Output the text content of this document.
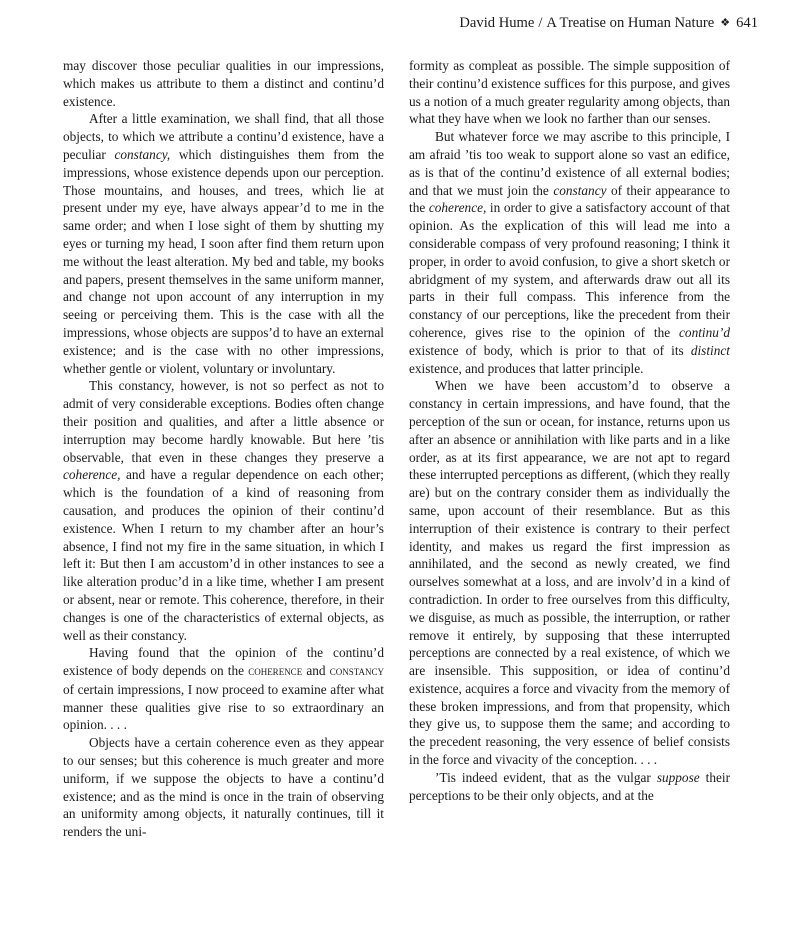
David Hume / A Treatise on Human Nature ❖ 641

may discover those peculiar qualities in our impressions, which makes us attribute to them a distinct and continu’d existence.

After a little examination, we shall find, that all those objects, to which we attribute a continu’d existence, have a peculiar constancy, which distinguishes them from the impressions, whose existence depends upon our perception. Those mountains, and houses, and trees, which lie at present under my eye, have always appear’d to me in the same order; and when I lose sight of them by shutting my eyes or turning my head, I soon after find them return upon me without the least alteration. My bed and table, my books and papers, present themselves in the same uniform manner, and change not upon account of any interruption in my seeing or perceiving them. This is the case with all the impressions, whose objects are suppos’d to have an external existence; and is the case with no other impressions, whether gentle or violent, voluntary or involuntary.

This constancy, however, is not so perfect as not to admit of very considerable exceptions. Bodies often change their position and qualities, and after a little absence or interruption may become hardly knowable. But here ’tis observable, that even in these changes they preserve a coherence, and have a regular dependence on each other; which is the foundation of a kind of reasoning from causation, and produces the opinion of their continu’d existence. When I return to my chamber after an hour’s absence, I find not my fire in the same situation, in which I left it: But then I am accustom’d in other instances to see a like alteration produc’d in a like time, whether I am present or absent, near or remote. This coherence, therefore, in their changes is one of the characteristics of external objects, as well as their constancy.

Having found that the opinion of the continu’d existence of body depends on the coherence and constancy of certain impressions, I now proceed to examine after what manner these qualities give rise to so extraordinary an opinion. . . .

Objects have a certain coherence even as they appear to our senses; but this coherence is much greater and more uniform, if we suppose the objects to have a continu’d existence; and as the mind is once in the train of observing an uniformity among objects, it naturally continues, till it renders the uni-

formity as compleat as possible. The simple supposition of their continu’d existence suffices for this purpose, and gives us a notion of a much greater regularity among objects, than what they have when we look no farther than our senses.

But whatever force we may ascribe to this principle, I am afraid ’tis too weak to support alone so vast an edifice, as is that of the continu’d existence of all external bodies; and that we must join the constancy of their appearance to the coherence, in order to give a satisfactory account of that opinion. As the explication of this will lead me into a considerable compass of very profound reasoning; I think it proper, in order to avoid confusion, to give a short sketch or abridgment of my system, and afterwards draw out all its parts in their full compass. This inference from the constancy of our perceptions, like the precedent from their coherence, gives rise to the opinion of the continu’d existence of body, which is prior to that of its distinct existence, and produces that latter principle.

When we have been accustom’d to observe a constancy in certain impressions, and have found, that the perception of the sun or ocean, for instance, returns upon us after an absence or annihilation with like parts and in a like order, as at its first appearance, we are not apt to regard these interrupted perceptions as different, (which they really are) but on the contrary consider them as individually the same, upon account of their resemblance. But as this interruption of their existence is contrary to their perfect identity, and makes us regard the first impression as annihilated, and the second as newly created, we find ourselves somewhat at a loss, and are involv’d in a kind of contradiction. In order to free ourselves from this difficulty, we disguise, as much as possible, the interruption, or rather remove it entirely, by supposing that these interrupted perceptions are connected by a real existence, of which we are insensible. This supposition, or idea of continu’d existence, acquires a force and vivacity from the memory of these broken impressions, and from that propensity, which they give us, to suppose them the same; and according to the precedent reasoning, the very essence of belief consists in the force and vivacity of the conception. . . .

’Tis indeed evident, that as the vulgar suppose their perceptions to be their only objects, and at the
